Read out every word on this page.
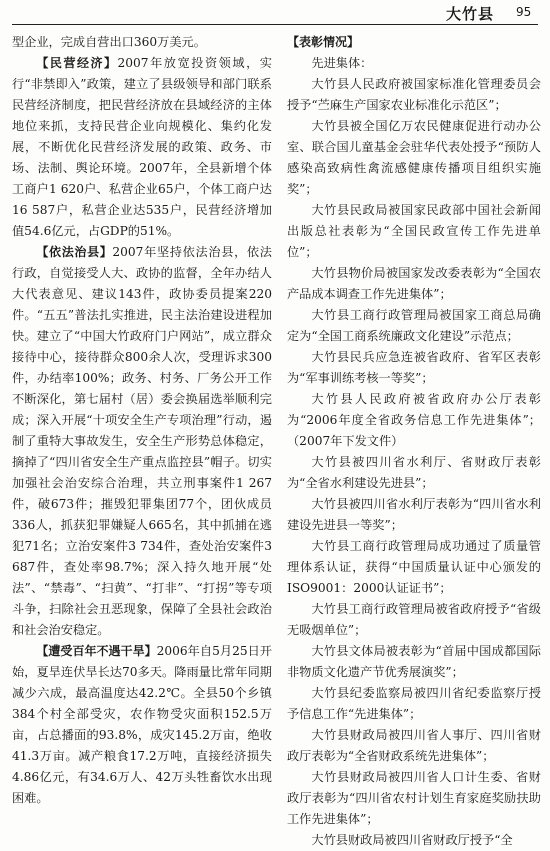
大竹县 95

型企业，完成自营出口360万美元。

【民营经济】2007年放宽投资领域，实行“非禁即入”政策，建立了县级领导和部门联系民营经济制度，把民营经济放在县域经济的主体地位来抓，支持民营企业向规模化、集约化发展，不断优化民营经济发展的政策、政务、市场、法制、舆论环境。2007年，全县新增个体工商户1 620户、私营企业65户，个体工商户达16 587户，私营企业达535户，民营经济增加值54.6亿元，占GDP的51%。

【依法治县】2007年坚持依法治县，依法行政，自觉接受人大、政协的监督，全年办结人大代表意见、建议143件，政协委员提案220件。“五五”普法扎实推进，民主法治建设进程加快。建立了“中国大竹政府门户网站”，成立群众接待中心，接待群众800余人次，受理诉求300件，办结率100%；政务、村务、厂务公开工作不断深化，第七届村（居）委会换届选举顺利完成；深入开展“十项安全生产专项治理”行动，遏制了重特大事故发生，安全生产形势总体稳定，摘掉了“四川省安全生产重点监控县”帽子。切实加强社会治安综合治理，共立刑事案件1 267件，破673件；摧毁犯罪集团77个，团伙成员336人，抓获犯罪嫌疑人665名，其中抓捕在逃犯71名；立治安案件3 734件，查处治安案件3 687件，查处率98.7%；深入持久地开展“处法”、“禁毒”、“扫黄”、“打非”、“打拐”等专项斗争，扫除社会丑恶现象，保障了全县社会政治和社会治安稳定。

【遭受百年不遇干旱】2006年自5月25日开始，夏旱连伏旱长达70多天。降雨量比常年同期减少六成，最高温度达42.2℃。全县50个乡镇384个村全部受灾，农作物受灾面积152.5万亩，占总播面的93.8%，成灾145.2万亩，绝收41.3万亩。减产粮食17.2万吨，直接经济损失4.86亿元，有34.6万人、42万头牲畜饮水出现困难。

【表彰情况】

先进集体：

大竹县人民政府被国家标准化管理委员会授予“苎麻生产国家农业标准化示范区”；

大竹县被全国亿万农民健康促进行动办公室、联合国儿童基金会驻华代表处授予“预防人感染高致病性禽流感健康传播项目组织实施奖”；

大竹县民政局被国家民政部中国社会新闻出版总社表彰为“全国民政宣传工作先进单位”；

大竹县物价局被国家发改委表彰为“全国农产品成本调查工作先进集体”；

大竹县工商行政管理局被国家工商总局确定为“全国工商系统廉政文化建设”示范点；

大竹县民兵应急连被省政府、省军区表彰为“军事训练考核一等奖”；

大竹县人民政府被省政府办公厅表彰为“2006年度全省政务信息工作先进集体”；（2007年下发文件）

大竹县被四川省水利厅、省财政厅表彰为“全省水利建设先进县”；

大竹县被四川省水利厅表彰为“四川省水利建设先进县一等奖”；

大竹县工商行政管理局成功通过了质量管理体系认证，获得“中国质量认证中心颁发的ISO9001：2000认证证书”；

大竹县工商行政管理局被省政府授予“省级无吸烟单位”；

大竹县文体局被表彰为“首届中国成都国际非物质文化遗产节优秀展演奖”；

大竹县纪委监察局被四川省纪委监察厅授予信息工作“先进集体”；

大竹县财政局被四川省人事厅、四川省财政厅表彰为“全省财政系统先进集体”；

大竹县财政局被四川省人口计生委、省财政厅表彰为“四川省农村计划生育家庭奖励扶助工作先进集体”；

大竹县财政局被四川省财政厅授予“全
